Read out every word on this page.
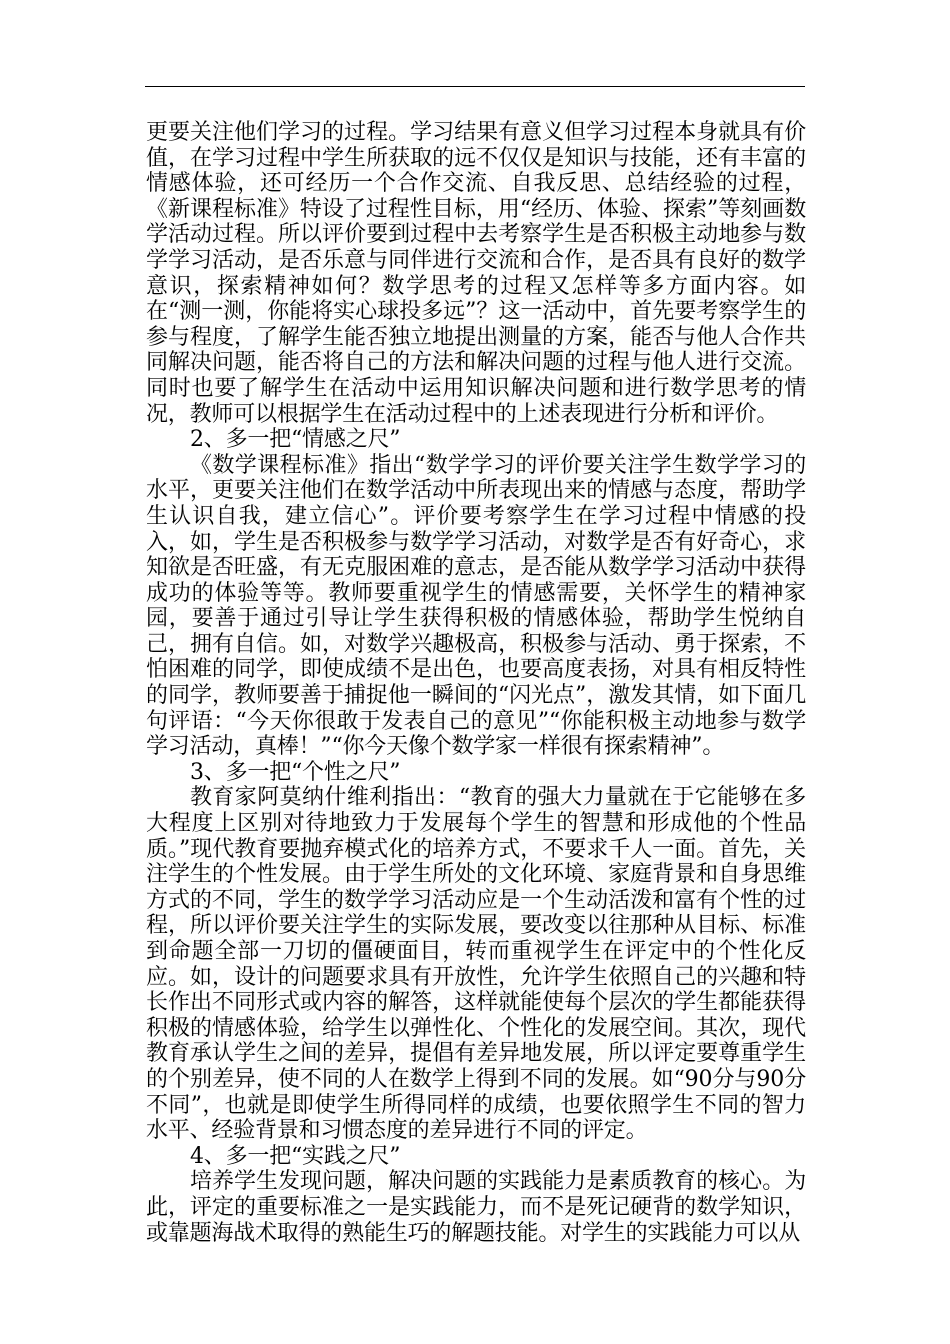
更要关注他们学习的过程。学习结果有意义但学习过程本身就具有价值，在学习过程中学生所获取的远不仅仅是知识与技能，还有丰富的情感体验，还可经历一个合作交流、自我反思、总结经验的过程，《新课程标准》特设了过程性目标，用“经历、体验、探索”等刻画数学活动过程。所以评价要到过程中去考察学生是否积极主动地参与数学学习活动，是否乐意与同伴进行交流和合作，是否具有良好的数学意识，探索精神如何？数学思考的过程又怎样等多方面内容。如在“测一测，你能将实心球投多远”？这一活动中，首先要考察学生的参与程度，了解学生能否独立地提出测量的方案，能否与他人合作共同解决问题，能否将自己的方法和解决问题的过程与他人进行交流。同时也要了解学生在活动中运用知识解决问题和进行数学思考的情况，教师可以根据学生在活动过程中的上述表现进行分析和评价。

2、多一把“情感之尺”

《数学课程标准》指出“数学学习的评价要关注学生数学学习的水平，更要关注他们在数学活动中所表现出来的情感与态度，帮助学生认识自我，建立信心”。评价要考察学生在学习过程中情感的投入，如，学生是否积极参与数学学习活动，对数学是否有好奇心，求知欲是否旺盛，有无克服困难的意志，是否能从数学学习活动中获得成功的体验等等。教师要重视学生的情感需要，关怀学生的精神家园，要善于通过引导让学生获得积极的情感体验，帮助学生悦纳自己，拥有自信。如，对数学兴趣极高，积极参与活动、勇于探索，不怕困难的同学，即使成绩不是出色，也要高度表扬，对具有相反特性的同学，教师要善于捕捉他一瞬间的“闪光点”，激发其情，如下面几句评语：“今天你很敢于发表自己的意见”“你能积极主动地参与数学学习活动，真棒！”“你今天像个数学家一样很有探索精神”。

3、多一把“个性之尺”

教育家阿莫纳什维利指出：“教育的强大力量就在于它能够在多大程度上区别对待地致力于发展每个学生的智慧和形成他的个性品质。”现代教育要抛弃模式化的培养方式，不要求千人一面。首先，关注学生的个性发展。由于学生所处的文化环境、家庭背景和自身思维方式的不同，学生的数学学习活动应是一个生动活泼和富有个性的过程，所以评价要关注学生的实际发展，要改变以往那种从目标、标准到命题全部一刀切的僵硬面目，转而重视学生在评定中的个性化反应。如，设计的问题要求具有开放性，允许学生依照自己的兴趣和特长作出不同形式或内容的解答，这样就能使每个层次的学生都能获得积极的情感体验，给学生以弹性化、个性化的发展空间。其次，现代教育承认学生之间的差异，提倡有差异地发展，所以评定要尊重学生的个别差异，使不同的人在数学上得到不同的发展。如“90分与90分不同”，也就是即使学生所得同样的成绩，也要依照学生不同的智力水平、经验背景和习惯态度的差异进行不同的评定。

4、多一把“实践之尺”

培养学生发现问题，解决问题的实践能力是素质教育的核心。为此，评定的重要标准之一是实践能力，而不是死记硬背的数学知识，或靠题海战术取得的熟能生巧的解题技能。对学生的实践能力可以从
